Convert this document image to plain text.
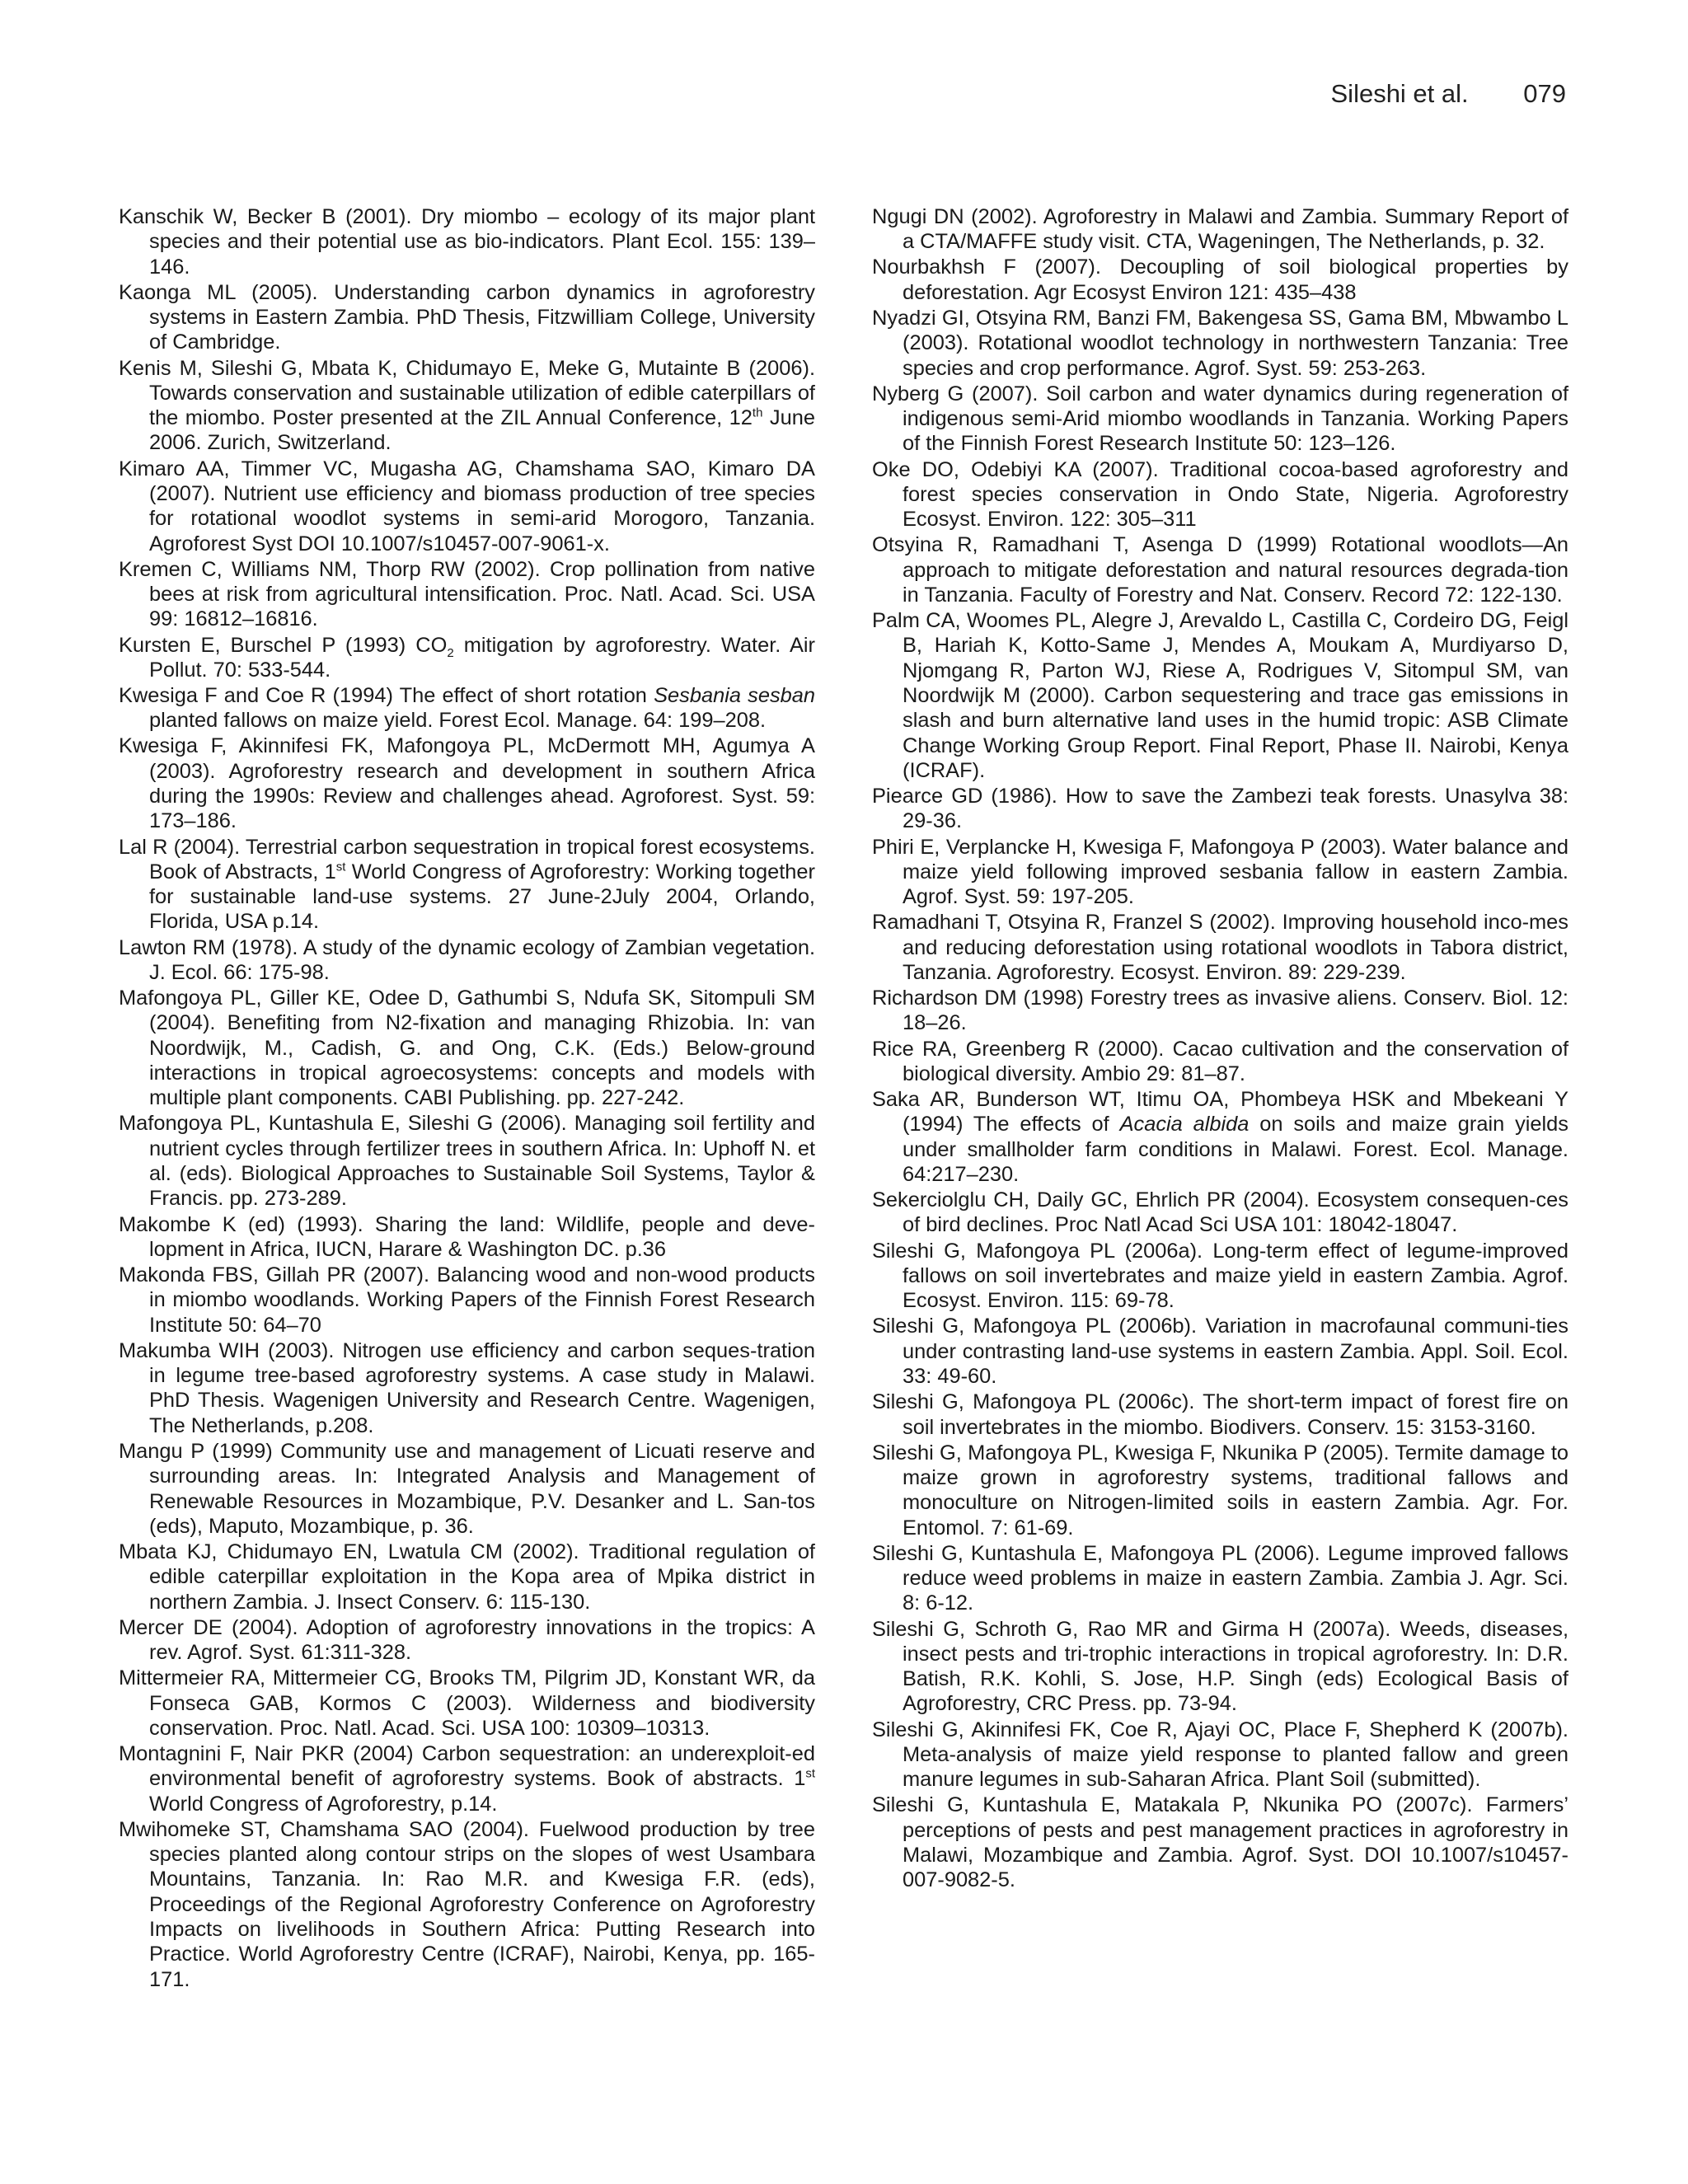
Sileshi et al. 079

Kanschik W, Becker B (2001). Dry miombo – ecology of its major plant species and their potential use as bio-indicators. Plant Ecol. 155: 139–146.

Kaonga ML (2005). Understanding carbon dynamics in agroforestry systems in Eastern Zambia. PhD Thesis, Fitzwilliam College, University of Cambridge.

Kenis M, Sileshi G, Mbata K, Chidumayo E, Meke G, Mutainte B (2006). Towards conservation and sustainable utilization of edible caterpillars of the miombo. Poster presented at the ZIL Annual Conference, 12th June 2006. Zurich, Switzerland.

Kimaro AA, Timmer VC, Mugasha AG, Chamshama SAO, Kimaro DA (2007). Nutrient use efficiency and biomass production of tree species for rotational woodlot systems in semi-arid Morogoro, Tanzania. Agroforest Syst DOI 10.1007/s10457-007-9061-x.

Kremen C, Williams NM, Thorp RW (2002). Crop pollination from native bees at risk from agricultural intensification. Proc. Natl. Acad. Sci. USA 99: 16812–16816.

Kursten E, Burschel P (1993) $CO_2$ mitigation by agroforestry. Water. Air Pollut. 70: 533-544.

Kwesiga F and Coe R (1994) The effect of short rotation Sesbania sesban planted fallows on maize yield. Forest Ecol. Manage. 64: 199–208.

Kwesiga F, Akinnifesi FK, Mafongoya PL, McDermott MH, Agumya A (2003). Agroforestry research and development in southern Africa during the 1990s: Review and challenges ahead. Agroforest. Syst. 59: 173–186.

Lal R (2004). Terrestrial carbon sequestration in tropical forest ecosystems. Book of Abstracts, 1st World Congress of Agroforestry: Working together for sustainable land-use systems. 27 June-2July 2004, Orlando, Florida, USA p.14.

Lawton RM (1978). A study of the dynamic ecology of Zambian vegetation. J. Ecol. 66: 175-98.

Mafongoya PL, Giller KE, Odee D, Gathumbi S, Ndufa SK, Sitompuli SM (2004). Benefiting from N2-fixation and managing Rhizobia. In: van Noordwijk, M., Cadish, G. and Ong, C.K. (Eds.) Below-ground interactions in tropical agroecosystems: concepts and models with multiple plant components. CABI Publishing. pp. 227-242.

Mafongoya PL, Kuntashula E, Sileshi G (2006). Managing soil fertility and nutrient cycles through fertilizer trees in southern Africa. In: Uphoff N. et al. (eds). Biological Approaches to Sustainable Soil Systems, Taylor & Francis. pp. 273-289.

Makombe K (ed) (1993). Sharing the land: Wildlife, people and deve-lopment in Africa, IUCN, Harare & Washington DC. p.36

Makonda FBS, Gillah PR (2007). Balancing wood and non-wood products in miombo woodlands. Working Papers of the Finnish Forest Research Institute 50: 64–70

Makumba WIH (2003). Nitrogen use efficiency and carbon seques-tration in legume tree-based agroforestry systems. A case study in Malawi. PhD Thesis. Wagenigen University and Research Centre. Wagenigen, The Netherlands, p.208.

Mangu P (1999) Community use and management of Licuati reserve and surrounding areas. In: Integrated Analysis and Management of Renewable Resources in Mozambique, P.V. Desanker and L. San-tos (eds), Maputo, Mozambique, p. 36.

Mbata KJ, Chidumayo EN, Lwatula CM (2002). Traditional regulation of edible caterpillar exploitation in the Kopa area of Mpika district in northern Zambia. J. Insect Conserv. 6: 115-130.

Mercer DE (2004). Adoption of agroforestry innovations in the tropics: A rev. Agrof. Syst. 61:311-328.

Mittermeier RA, Mittermeier CG, Brooks TM, Pilgrim JD, Konstant WR, da Fonseca GAB, Kormos C (2003). Wilderness and biodiversity conservation. Proc. Natl. Acad. Sci. USA 100: 10309–10313.

Montagnini F, Nair PKR (2004) Carbon sequestration: an underexploit-ed environmental benefit of agroforestry systems. Book of abstracts. 1st World Congress of Agroforestry, p.14.

Mwihomeke ST, Chamshama SAO (2004). Fuelwood production by tree species planted along contour strips on the slopes of west Usambara Mountains, Tanzania. In: Rao M.R. and Kwesiga F.R. (eds), Proceedings of the Regional Agroforestry Conference on Agroforestry Impacts on livelihoods in Southern Africa: Putting Research into Practice. World Agroforestry Centre (ICRAF), Nairobi, Kenya, pp. 165-171.

Ngugi DN (2002). Agroforestry in Malawi and Zambia. Summary Report of a CTA/MAFFE study visit. CTA, Wageningen, The Netherlands, p. 32.

Nourbakhsh F (2007). Decoupling of soil biological properties by deforestation. Agr Ecosyst Environ 121: 435–438

Nyadzi GI, Otsyina RM, Banzi FM, Bakengesa SS, Gama BM, Mbwambo L (2003). Rotational woodlot technology in northwestern Tanzania: Tree species and crop performance. Agrof. Syst. 59: 253-263.

Nyberg G (2007). Soil carbon and water dynamics during regeneration of indigenous semi-Arid miombo woodlands in Tanzania. Working Papers of the Finnish Forest Research Institute 50: 123–126.

Oke DO, Odebiyi KA (2007). Traditional cocoa-based agroforestry and forest species conservation in Ondo State, Nigeria. Agroforestry Ecosyst. Environ. 122: 305–311

Otsyina R, Ramadhani T, Asenga D (1999) Rotational woodlots—An approach to mitigate deforestation and natural resources degrada-tion in Tanzania. Faculty of Forestry and Nat. Conserv. Record 72: 122-130.

Palm CA, Woomes PL, Alegre J, Arevaldo L, Castilla C, Cordeiro DG, Feigl B, Hariah K, Kotto-Same J, Mendes A, Moukam A, Murdiyarso D, Njomgang R, Parton WJ, Riese A, Rodrigues V, Sitompul SM, van Noordwijk M (2000). Carbon sequestering and trace gas emissions in slash and burn alternative land uses in the humid tropic: ASB Climate Change Working Group Report. Final Report, Phase II. Nairobi, Kenya (ICRAF).

Piearce GD (1986). How to save the Zambezi teak forests. Unasylva 38: 29-36.

Phiri E, Verplancke H, Kwesiga F, Mafongoya P (2003). Water balance and maize yield following improved sesbania fallow in eastern Zambia. Agrof. Syst. 59: 197-205.

Ramadhani T, Otsyina R, Franzel S (2002). Improving household inco-mes and reducing deforestation using rotational woodlots in Tabora district, Tanzania. Agroforestry. Ecosyst. Environ. 89: 229-239.

Richardson DM (1998) Forestry trees as invasive aliens. Conserv. Biol. 12: 18–26.

Rice RA, Greenberg R (2000). Cacao cultivation and the conservation of biological diversity. Ambio 29: 81–87.

Saka AR, Bunderson WT, Itimu OA, Phombeya HSK and Mbekeani Y (1994) The effects of Acacia albida on soils and maize grain yields under smallholder farm conditions in Malawi. Forest. Ecol. Manage. 64:217–230.

Sekerciolglu CH, Daily GC, Ehrlich PR (2004). Ecosystem consequen-ces of bird declines. Proc Natl Acad Sci USA 101: 18042-18047.

Sileshi G, Mafongoya PL (2006a). Long-term effect of legume-improved fallows on soil invertebrates and maize yield in eastern Zambia. Agrof. Ecosyst. Environ. 115: 69-78.

Sileshi G, Mafongoya PL (2006b). Variation in macrofaunal communi-ties under contrasting land-use systems in eastern Zambia. Appl. Soil. Ecol. 33: 49-60.

Sileshi G, Mafongoya PL (2006c). The short-term impact of forest fire on soil invertebrates in the miombo. Biodivers. Conserv. 15: 3153-3160.

Sileshi G, Mafongoya PL, Kwesiga F, Nkunika P (2005). Termite damage to maize grown in agroforestry systems, traditional fallows and monoculture on Nitrogen-limited soils in eastern Zambia. Agr. For. Entomol. 7: 61-69.

Sileshi G, Kuntashula E, Mafongoya PL (2006). Legume improved fallows reduce weed problems in maize in eastern Zambia. Zambia J. Agr. Sci. 8: 6-12.

Sileshi G, Schroth G, Rao MR and Girma H (2007a). Weeds, diseases, insect pests and tri-trophic interactions in tropical agroforestry. In: D.R. Batish, R.K. Kohli, S. Jose, H.P. Singh (eds) Ecological Basis of Agroforestry, CRC Press. pp. 73-94.

Sileshi G, Akinnifesi FK, Coe R, Ajayi OC, Place F, Shepherd K (2007b). Meta-analysis of maize yield response to planted fallow and green manure legumes in sub-Saharan Africa. Plant Soil (submitted).

Sileshi G, Kuntashula E, Matakala P, Nkunika PO (2007c). Farmers’ perceptions of pests and pest management practices in agroforestry in Malawi, Mozambique and Zambia. Agrof. Syst. DOI 10.1007/s10457-007-9082-5.
